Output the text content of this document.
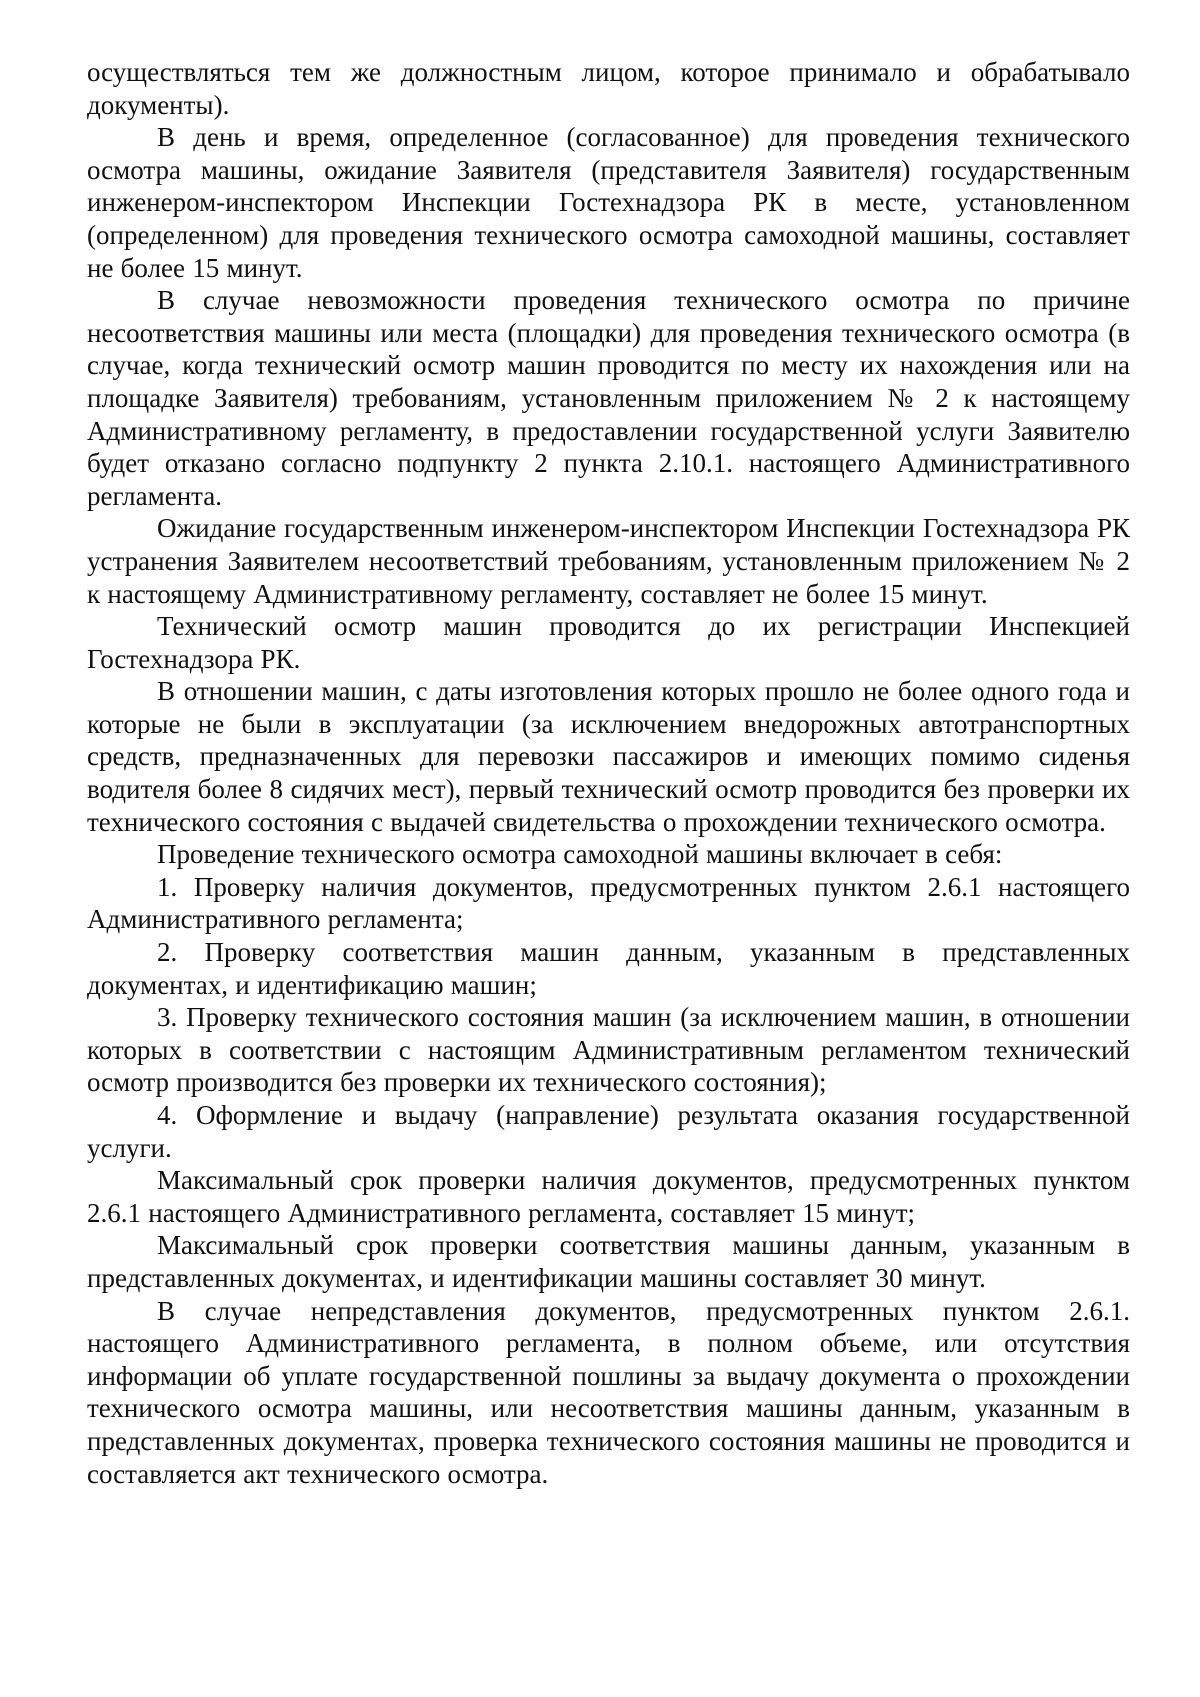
осуществляться тем же должностным лицом, которое принимало и обрабатывало документы).

В день и время, определенное (согласованное) для проведения технического осмотра машины, ожидание Заявителя (представителя Заявителя) государственным инженером-инспектором Инспекции Гостехнадзора РК в месте, установленном (определенном) для проведения технического осмотра самоходной машины, составляет не более 15 минут.

В случае невозможности проведения технического осмотра по причине несоответствия машины или места (площадки) для проведения технического осмотра (в случае, когда технический осмотр машин проводится по месту их нахождения или на площадке Заявителя) требованиям, установленным приложением № 2 к настоящему Административному регламенту, в предоставлении государственной услуги Заявителю будет отказано согласно подпункту 2 пункта 2.10.1. настоящего Административного регламента.

Ожидание государственным инженером-инспектором Инспекции Гостехнадзора РК устранения Заявителем несоответствий требованиям, установленным приложением № 2 к настоящему Административному регламенту, составляет не более 15 минут.

Технический осмотр машин проводится до их регистрации Инспекцией Гостехнадзора РК.

В отношении машин, с даты изготовления которых прошло не более одного года и которые не были в эксплуатации (за исключением внедорожных автотранспортных средств, предназначенных для перевозки пассажиров и имеющих помимо сиденья водителя более 8 сидячих мест), первый технический осмотр проводится без проверки их технического состояния с выдачей свидетельства о прохождении технического осмотра.

Проведение технического осмотра самоходной машины включает в себя:

1. Проверку наличия документов, предусмотренных пунктом 2.6.1 настоящего Административного регламента;

2. Проверку соответствия машин данным, указанным в представленных документах, и идентификацию машин;

3. Проверку технического состояния машин (за исключением машин, в отношении которых в соответствии с настоящим Административным регламентом технический осмотр производится без проверки их технического состояния);

4. Оформление и выдачу (направление) результата оказания государственной услуги.

Максимальный срок проверки наличия документов, предусмотренных пунктом 2.6.1 настоящего Административного регламента, составляет 15 минут;

Максимальный срок проверки соответствия машины данным, указанным в представленных документах, и идентификации машины составляет 30 минут.

В случае непредставления документов, предусмотренных пунктом 2.6.1. настоящего Административного регламента, в полном объеме, или отсутствия информации об уплате государственной пошлины за выдачу документа о прохождении технического осмотра машины, или несоответствия машины данным, указанным в представленных документах, проверка технического состояния машины не проводится и составляется акт технического осмотра.
